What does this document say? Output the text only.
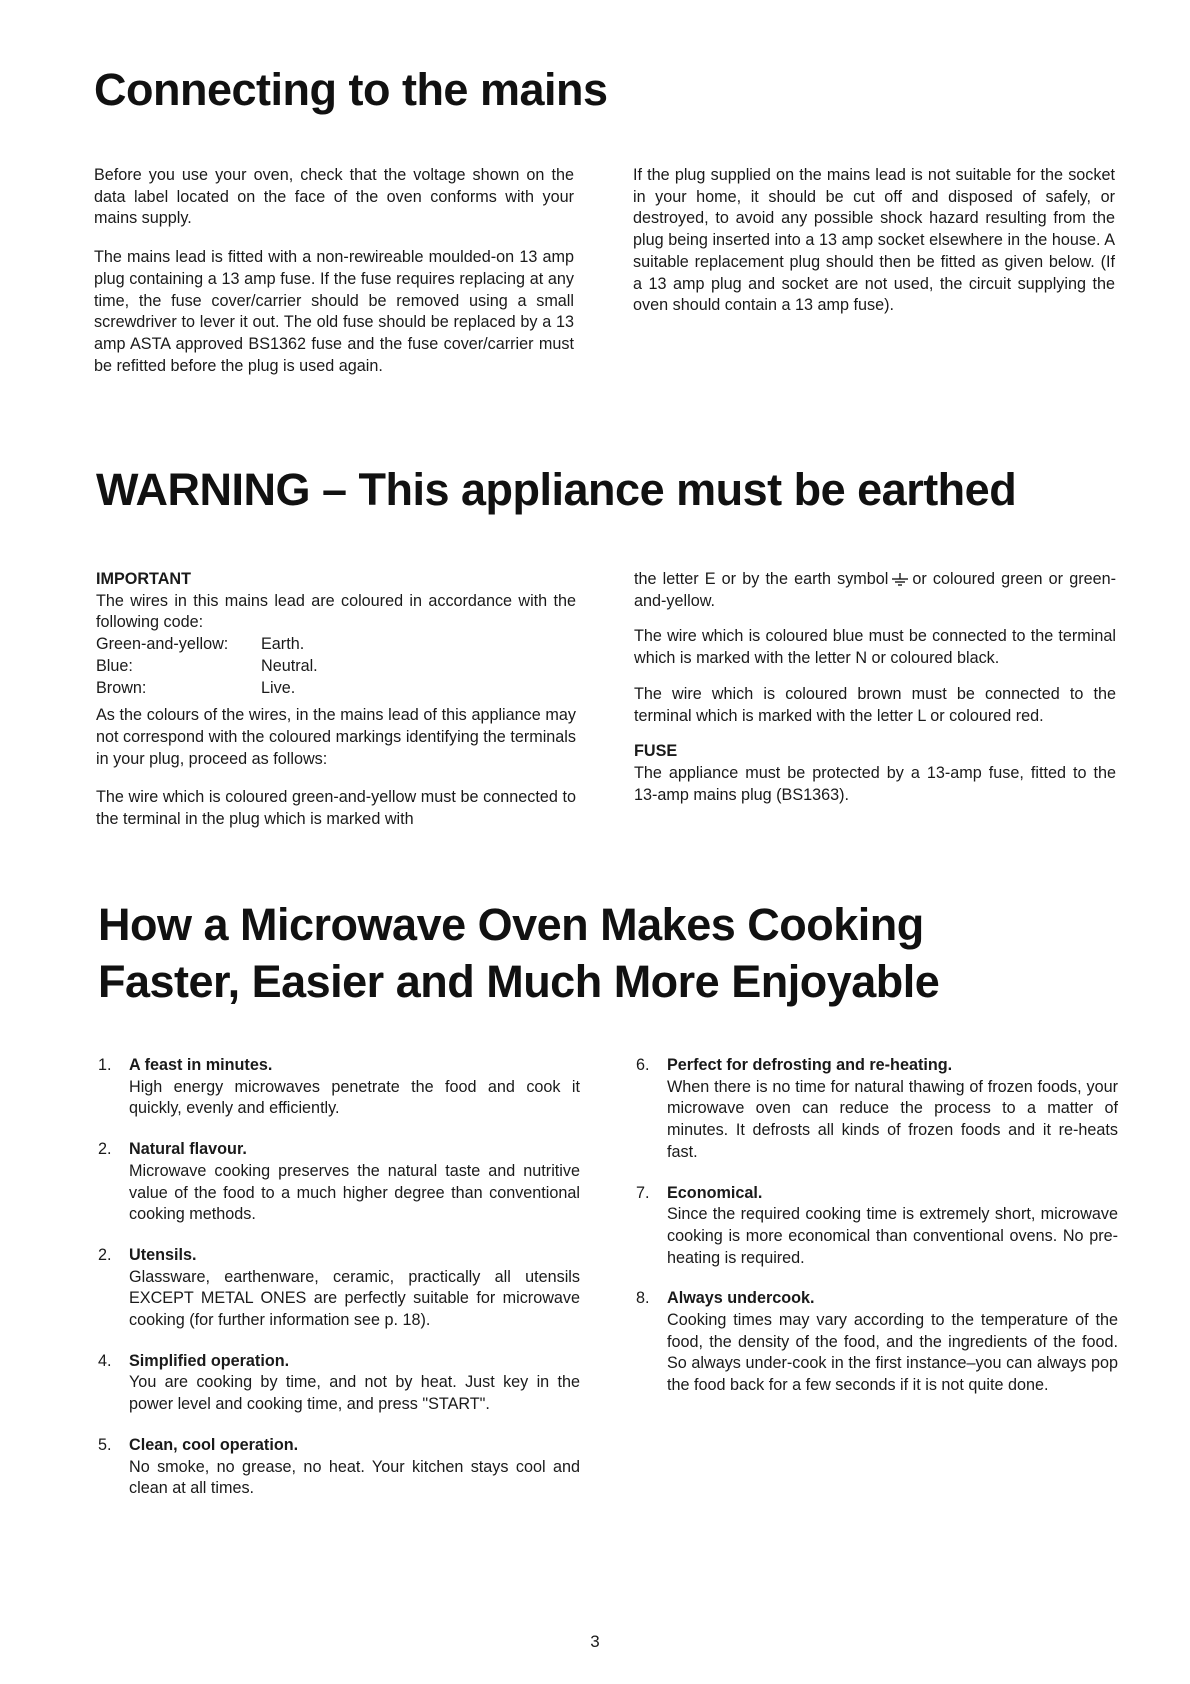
Connecting to the mains

Before you use your oven, check that the voltage shown on the data label located on the face of the oven conforms with your mains supply.

The mains lead is fitted with a non-rewireable moulded-on 13 amp plug containing a 13 amp fuse. If the fuse requires replacing at any time, the fuse cover/carrier should be removed using a small screwdriver to lever it out. The old fuse should be replaced by a 13 amp ASTA approved BS1362 fuse and the fuse cover/carrier must be refitted before the plug is used again.

If the plug supplied on the mains lead is not suitable for the socket in your home, it should be cut off and disposed of safely, or destroyed, to avoid any possible shock hazard resulting from the plug being inserted into a 13 amp socket elsewhere in the house. A suitable replacement plug should then be fitted as given below. (If a 13 amp plug and socket are not used, the circuit supplying the oven should contain a 13 amp fuse).

WARNING – This appliance must be earthed
IMPORTANT
The wires in this mains lead are coloured in accordance with the following code:
Green-and-yellow:	Earth.
Blue:	Neutral.
Brown:	Live.

As the colours of the wires, in the mains lead of this appliance may not correspond with the coloured markings identifying the terminals in your plug, proceed as follows:

The wire which is coloured green-and-yellow must be connected to the terminal in the plug which is marked with

the letter E or by the earth symbol or coloured green or green-and-yellow.

The wire which is coloured blue must be connected to the terminal which is marked with the letter N or coloured black.

The wire which is coloured brown must be connected to the terminal which is marked with the letter L or coloured red.

FUSE
The appliance must be protected by a 13-amp fuse, fitted to the 13-amp mains plug (BS1363).
How a Microwave Oven Makes Cooking
Faster, Easier and Much More Enjoyable
1.	A feast in minutes.
High energy microwaves penetrate the food and cook it quickly, evenly and efficiently.
2.	Natural flavour.
Microwave cooking preserves the natural taste and nutritive value of the food to a much higher degree than conventional cooking methods.
2.	Utensils.
Glassware, earthenware, ceramic, practically all utensils EXCEPT METAL ONES are perfectly suitable for microwave cooking (for further information see p. 18).
4.	Simplified operation.
You are cooking by time, and not by heat. Just key in the power level and cooking time, and press "START".
5.	Clean, cool operation.
No smoke, no grease, no heat. Your kitchen stays cool and clean at all times.
6.	Perfect for defrosting and re-heating.
When there is no time for natural thawing of frozen foods, your microwave oven can reduce the process to a matter of minutes. It defrosts all kinds of frozen foods and it re-heats fast.
7.	Economical.
Since the required cooking time is extremely short, microwave cooking is more economical than conventional ovens. No pre-heating is required.
8.	Always undercook.
Cooking times may vary according to the temperature of the food, the density of the food, and the ingredients of the food. So always under-cook in the first instance–you can always pop the food back for a few seconds if it is not quite done.
3
